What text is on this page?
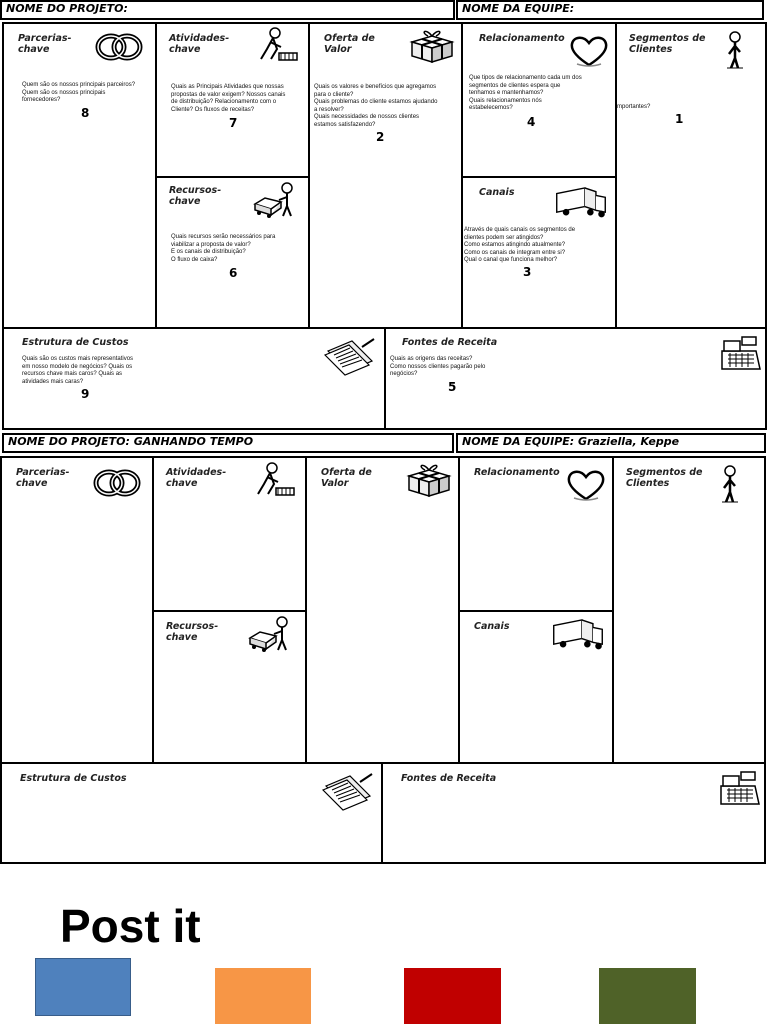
NOME DO PROJETO:	NOME DA EQUIPE:
Parcerias-
chave
Quem são os nossos principais parceiros?
Quem são os nossos principais
fornecedores?
8
Atividades-
chave
Quais as Principais Atividades que nossas
propostas de valor exigem? Nossos canais
de distribuição? Relacionamento com o
Cliente? Os fluxos de receitas?
7
Recursos-
chave
Quais recursos serão necessários para
viabilizar a proposta de valor?
E os canais de distribuição?
O fluxo de caixa?
6
Oferta de
Valor
Quais os valores e benefícios que agregamos
para o cliente?
Quais problemas do cliente estamos ajudando
a resolver?
Quais necessidades de nossos clientes
estamos satisfazendo?
2
Relacionamento
Que tipos de relacionamento cada um dos
segmentos de clientes espera que
tenhamos e mantenhamos?
Quais relacionamentos nós
estabelecemos?
4
Canais
Através de quais canais os segmentos de
clientes podem ser atingidos?
Como estamos atingindo atualmente?
Como os canais de integram entre si?
Qual o canal que funciona melhor?
3
Segmentos de
Clientes
mportantes?
1
Estrutura de Custos
Quais são os custos mais representativos
em nosso modelo de negócios? Quais os
recursos chave mais caros? Quais as
atividades mais caras?
9
Fontes de Receita
Quais as origens das receitas?
Como nossos clientes pagarão pelo
negócios?
5
NOME DO PROJETO: GANHANDO TEMPO	NOME DA EQUIPE: Graziella, Keppe
Parcerias-
chave
Atividades-
chave
Recursos-
chave
Oferta de
Valor
Relacionamento
Canais
Segmentos de
Clientes
Estrutura de Custos	Fontes de Receita
Post it
